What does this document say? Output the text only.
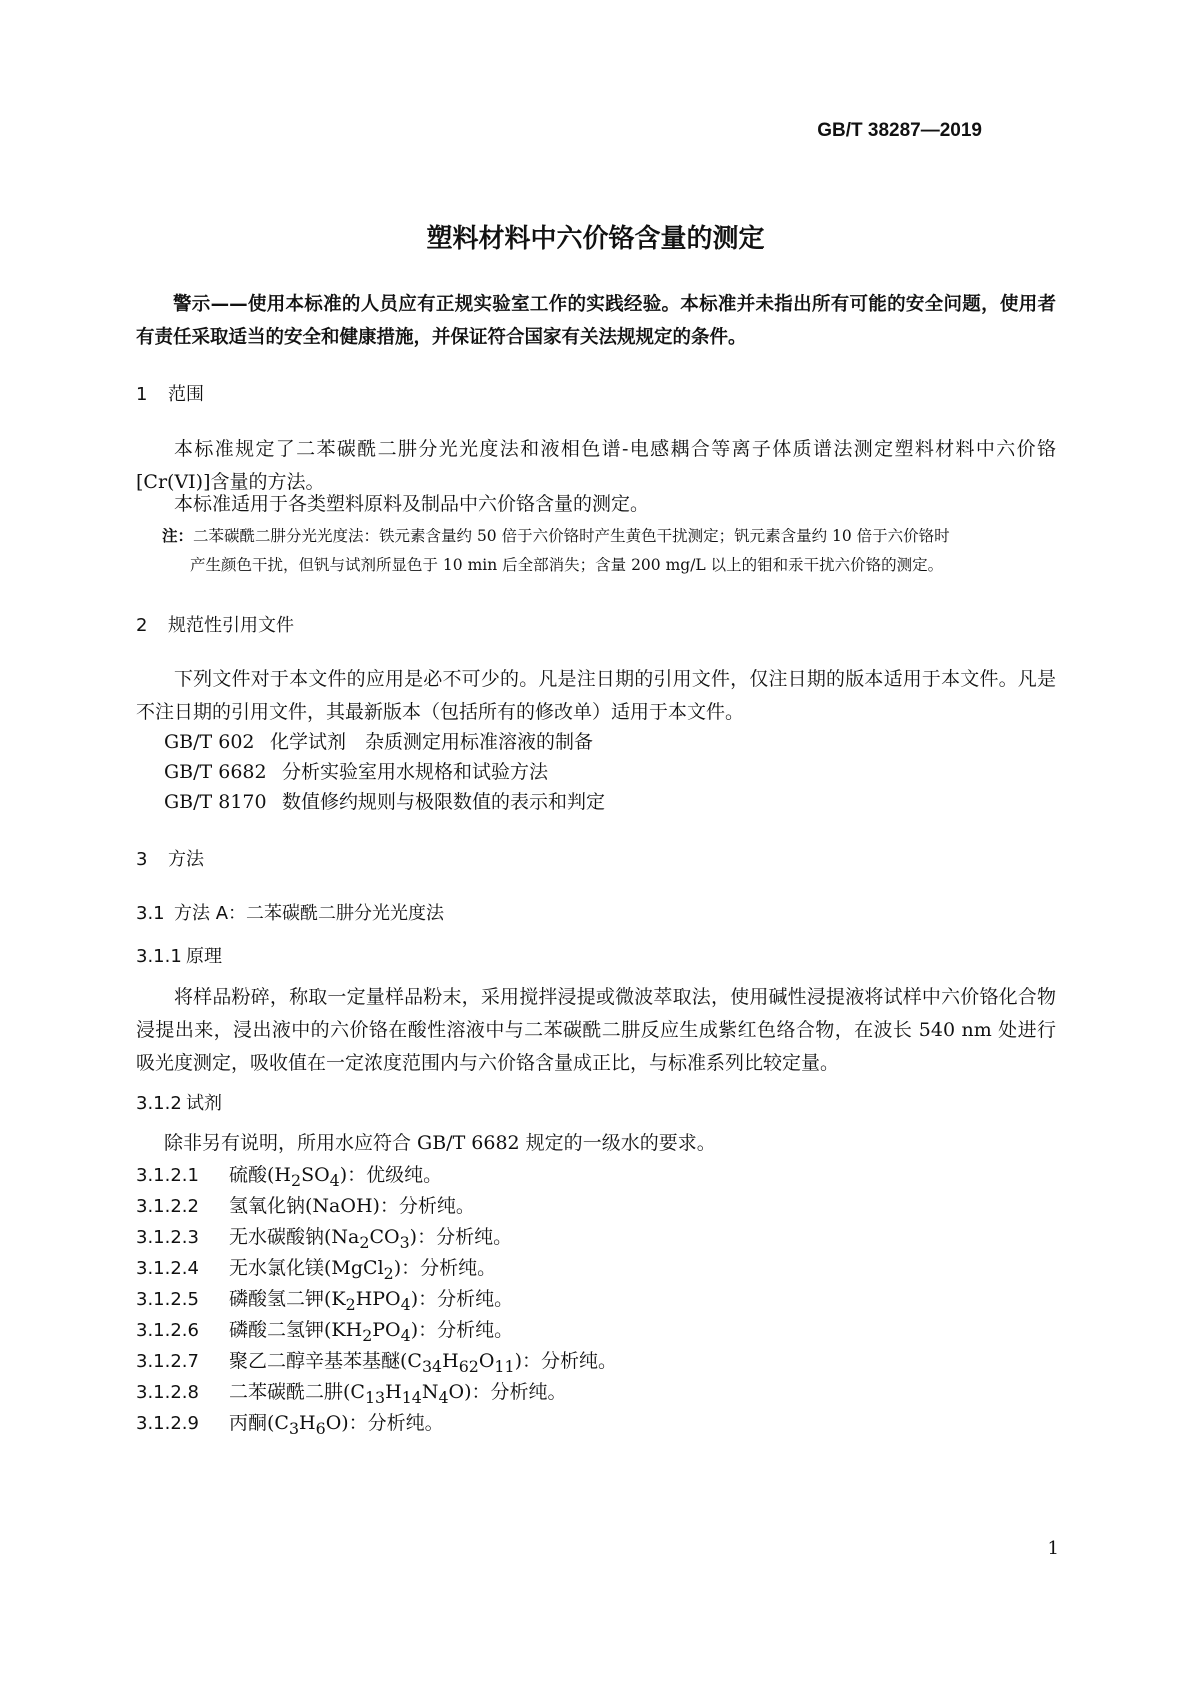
GB/T 38287—2019
塑料材料中六价铬含量的测定
警示——使用本标准的人员应有正规实验室工作的实践经验。本标准并未指出所有可能的安全问题，使用者有责任采取适当的安全和健康措施，并保证符合国家有关法规规定的条件。
1 范围
本标准规定了二苯碳酰二肼分光光度法和液相色谱-电感耦合等离子体质谱法测定塑料材料中六价铬[Cr(VI)]含量的方法。
本标准适用于各类塑料原料及制品中六价铬含量的测定。
注：二苯碳酰二肼分光光度法：铁元素含量约 50 倍于六价铬时产生黄色干扰测定；钒元素含量约 10 倍于六价铬时
产生颜色干扰，但钒与试剂所显色于 10 min 后全部消失；含量 200 mg/L 以上的钼和汞干扰六价铬的测定。
2 规范性引用文件
下列文件对于本文件的应用是必不可少的。凡是注日期的引用文件，仅注日期的版本适用于本文件。凡是不注日期的引用文件，其最新版本（包括所有的修改单）适用于本文件。
GB/T 602 化学试剂　杂质测定用标准溶液的制备
GB/T 6682 分析实验室用水规格和试验方法
GB/T 8170 数值修约规则与极限数值的表示和判定
3 方法
3.1 方法 A：二苯碳酰二肼分光光度法
3.1.1 原理
将样品粉碎，称取一定量样品粉末，采用搅拌浸提或微波萃取法，使用碱性浸提液将试样中六价铬化合物浸提出来，浸出液中的六价铬在酸性溶液中与二苯碳酰二肼反应生成紫红色络合物，在波长 540 nm 处进行吸光度测定，吸收值在一定浓度范围内与六价铬含量成正比，与标准系列比较定量。
3.1.2 试剂
除非另有说明，所用水应符合 GB/T 6682 规定的一级水的要求。
3.1.2.1 硫酸$(H_2SO_4)$：优级纯。
3.1.2.2 氢氧化钠(NaOH)：分析纯。
3.1.2.3 无水碳酸钠$(Na_2CO_3)$：分析纯。
3.1.2.4 无水氯化镁(MgCl$_2$)：分析纯。
3.1.2.5 磷酸氢二钾$(K_2HPO_4)$：分析纯。
3.1.2.6 磷酸二氢钾$(KH_2PO_4)$：分析纯。
3.1.2.7 聚乙二醇辛基苯基醚$(C_{34}H_{62}O_{11})$：分析纯。
3.1.2.8 二苯碳酰二肼$(C_{13}H_{14}N_4O)$：分析纯。
3.1.2.9 丙酮$(C_3H_6O)$：分析纯。
1
